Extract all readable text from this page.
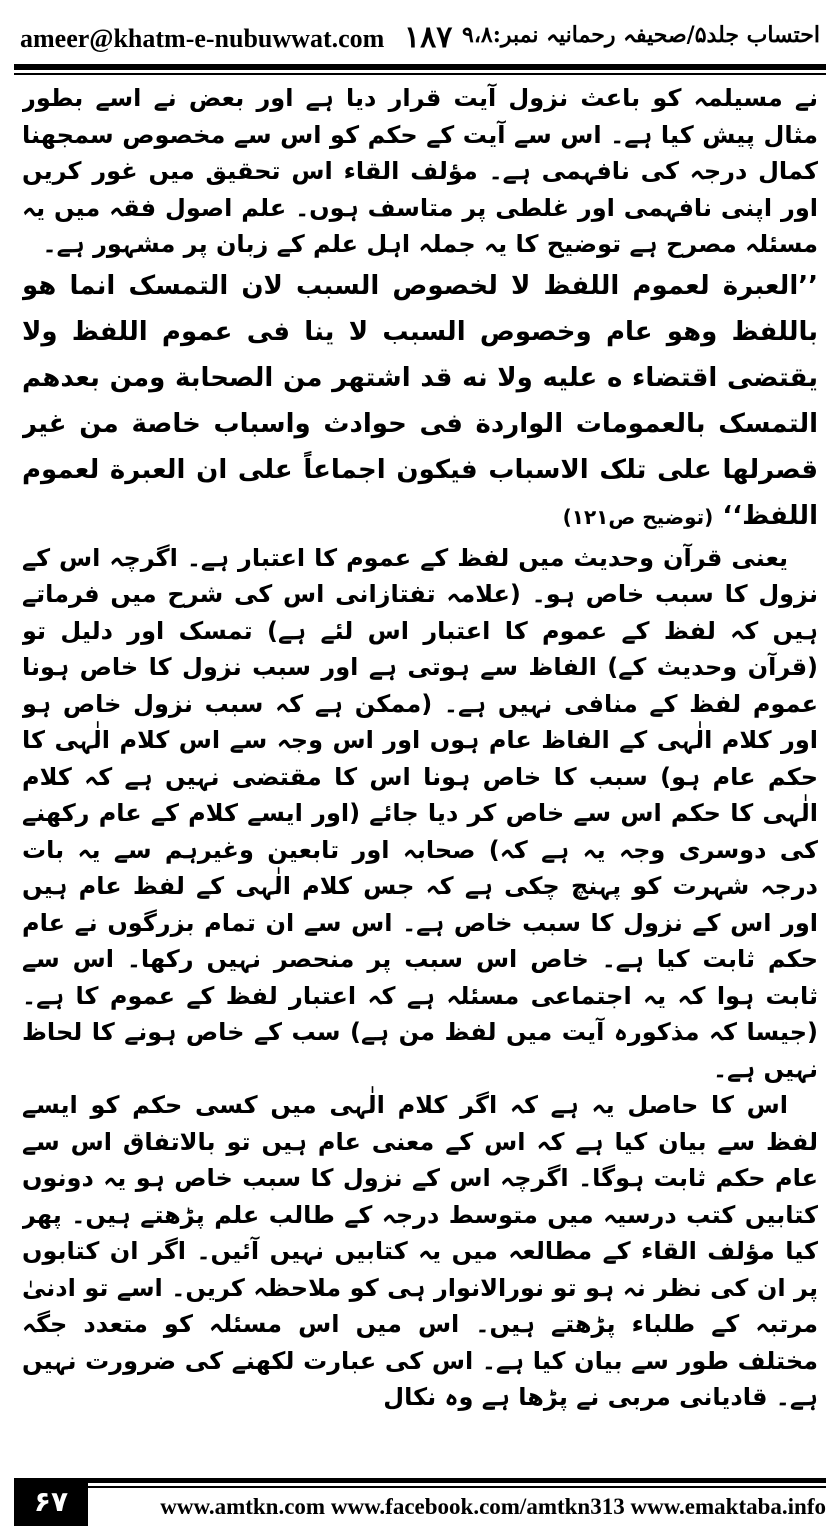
ameer@khatm-e-nubuwwat.com ۱۸۷ احتساب جلد۵/صحیفہ رحمانیہ نمبر:۹،۸

نے مسیلمہ کو باعث نزول آیت قرار دیا ہے اور بعض نے اسے بطور مثال پیش کیا ہے۔ اس سے آیت کے حکم کو اس سے مخصوص سمجھنا کمال درجہ کی نافہمی ہے۔ مؤلف القاء اس تحقیق میں غور کریں اور اپنی نافہمی اور غلطی پر متاسف ہوں۔ علم اصول فقہ میں یہ مسئلہ مصرح ہے توضیح کا یہ جملہ اہل علم کے زبان پر مشہور ہے۔

’’العبرة لعموم اللفظ لا لخصوص السبب لان التمسک انما هو باللفظ وهو عام وخصوص السبب لا ینا فی عموم اللفظ ولا یقتضی اقتضاء ه علیه ولا نه قد اشتهر من الصحابة ومن بعدهم التمسک بالعمومات الواردة فی حوادث واسباب خاصة من غیر قصرلها علی تلک الاسباب فیکون اجماعاً علی ان العبرة لعموم اللفظ‘‘ (توضیح ص۱۲۱)

یعنی قرآن وحدیث میں لفظ کے عموم کا اعتبار ہے۔ اگرچہ اس کے نزول کا سبب خاص ہو۔ (علامہ تفتازانی اس کی شرح میں فرماتے ہیں کہ لفظ کے عموم کا اعتبار اس لئے ہے) تمسک اور دلیل تو (قرآن وحدیث کے) الفاظ سے ہوتی ہے اور سبب نزول کا خاص ہونا عموم لفظ کے منافی نہیں ہے۔ (ممکن ہے کہ سبب نزول خاص ہو اور کلام الٰہی کے الفاظ عام ہوں اور اس وجہ سے اس کلام الٰہی کا حکم عام ہو) سبب کا خاص ہونا اس کا مقتضی نہیں ہے کہ کلام الٰہی کا حکم اس سے خاص کر دیا جائے (اور ایسے کلام کے عام رکھنے کی دوسری وجہ یہ ہے کہ) صحابہ اور تابعین وغیرہم سے یہ بات درجہ شہرت کو پہنچ چکی ہے کہ جس کلام الٰہی کے لفظ عام ہیں اور اس کے نزول کا سبب خاص ہے۔ اس سے ان تمام بزرگوں نے عام حکم ثابت کیا ہے۔ خاص اس سبب پر منحصر نہیں رکھا۔ اس سے ثابت ہوا کہ یہ اجتماعی مسئلہ ہے کہ اعتبار لفظ کے عموم کا ہے۔ (جیسا کہ مذکورہ آیت میں لفظ من ہے) سب کے خاص ہونے کا لحاظ نہیں ہے۔

اس کا حاصل یہ ہے کہ اگر کلام الٰہی میں کسی حکم کو ایسے لفظ سے بیان کیا ہے کہ اس کے معنی عام ہیں تو بالاتفاق اس سے عام حکم ثابت ہوگا۔ اگرچہ اس کے نزول کا سبب خاص ہو یہ دونوں کتابیں کتب درسیہ میں متوسط درجہ کے طالب علم پڑھتے ہیں۔ پھر کیا مؤلف القاء کے مطالعہ میں یہ کتابیں نہیں آئیں۔ اگر ان کتابوں پر ان کی نظر نہ ہو تو نورالانوار ہی کو ملاحظہ کریں۔ اسے تو ادنیٰ مرتبہ کے طلباء پڑھتے ہیں۔ اس میں اس مسئلہ کو متعدد جگہ مختلف طور سے بیان کیا ہے۔ اس کی عبارت لکھنے کی ضرورت نہیں ہے۔ قادیانی مربی نے پڑھا ہے وہ نکال

۶۷	www.amtkn.com www.facebook.com/amtkn313 www.emaktaba.info
